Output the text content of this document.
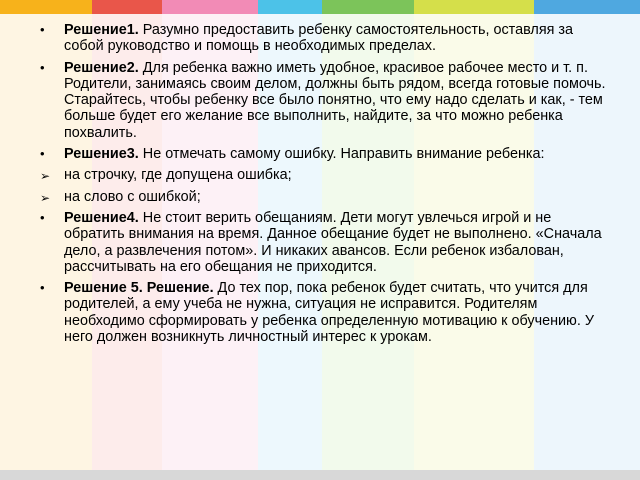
•	Решение1. Разумно предоставить ребенку самостоятельность, оставляя за собой руководство и помощь в необходимых пределах.
•	Решение2. Для ребенка важно иметь удобное, красивое рабочее место и т. п. Родители, занимаясь своим делом, должны быть рядом, всегда готовые помочь. Старайтесь, чтобы ребенку все было понятно, что ему надо сделать и как, - тем больше будет его желание все выполнить, найдите, за что можно ребенка похвалить.
•	Решение3. Не отмечать самому ошибку. Направить внимание ребенка:
➢ на строчку, где допущена ошибка;
➢ на слово с ошибкой;
•	Решение4. Не стоит верить обещаниям. Дети могут увлечься игрой и не обратить внимания на время. Данное обещание будет не выполнено. «Сначала дело, а развлечения потом». И никаких авансов. Если ребенок избалован, рассчитывать на его обещания не приходится.
•	Решение 5. Решение. До тех пор, пока ребенок будет считать, что учится для родителей, а ему учеба не нужна, ситуация не исправится. Родителям необходимо сформировать у ребенка определенную мотивацию к обучению. У него должен возникнуть личностный интерес к урокам.
